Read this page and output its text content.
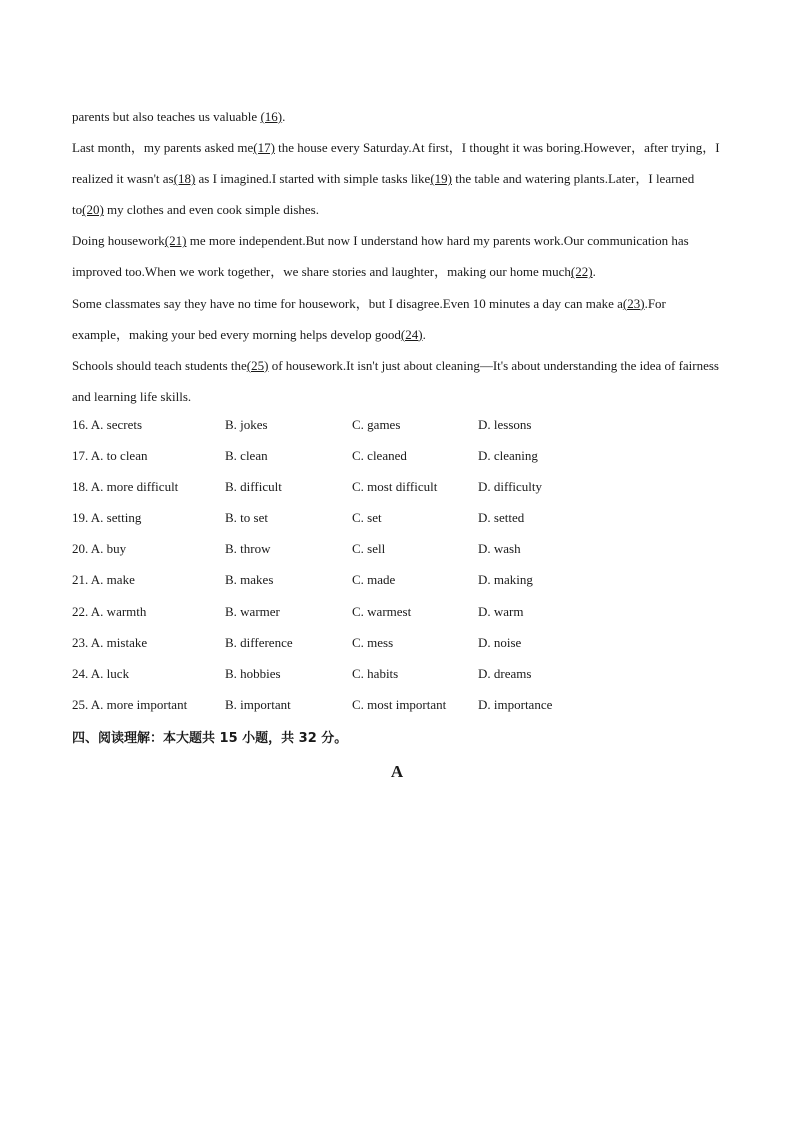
parents but also teaches us valuable (16).

Last month，my parents asked me(17) the house every Saturday.At first，I thought it was boring.However，after trying，I realized it wasn't as(18) as I imagined.I started with simple tasks like(19) the table and watering plants.Later，I learned to(20) my clothes and even cook simple dishes.

Doing housework(21) me more independent.But now I understand how hard my parents work.Our communication has improved too.When we work together，we share stories and laughter，making our home much(22).

Some classmates say they have no time for housework，but I disagree.Even 10 minutes a day can make a(23).For example，making your bed every morning helps develop good(24).

Schools should teach students the(25) of housework.It isn't just about cleaning—It's about understanding the idea of fairness and learning life skills.

16. A. secrets	B. jokes	C. games	D. lessons
17. A. to clean	B. clean	C. cleaned	D. cleaning
18. A. more difficult	B. difficult	C. most difficult	D. difficulty
19. A. setting	B. to set	C. set	D. setted
20. A. buy	B. throw	C. sell	D. wash
21. A. make	B. makes	C. made	D. making
22. A. warmth	B. warmer	C. warmest	D. warm
23. A. mistake	B. difference	C. mess	D. noise
24. A. luck	B. hobbies	C. habits	D. dreams
25. A. more important	B. important	C. most important D. importance
四、阅读理解：本大题共 15 小题，共 32 分。
A
